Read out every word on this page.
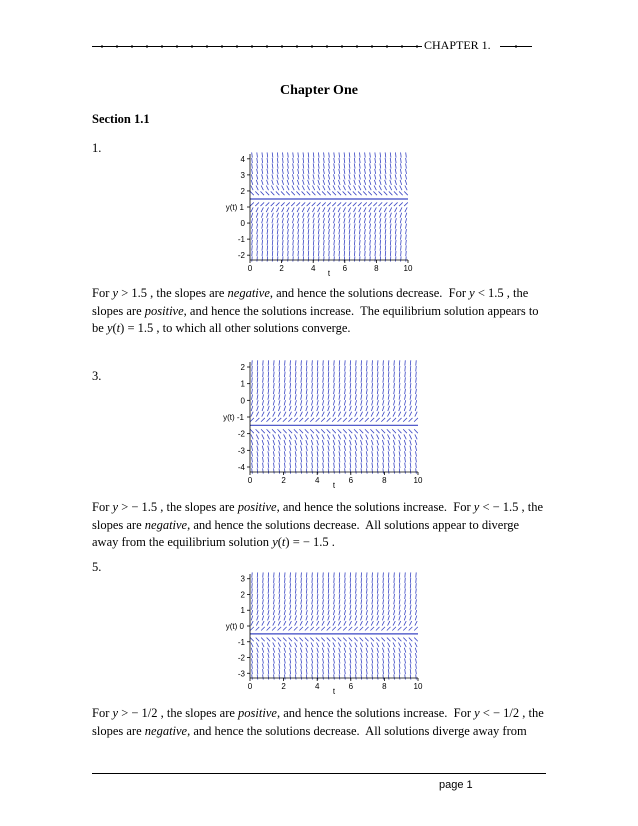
CHAPTER 1.
Chapter One
Section 1.1
1.
-2
-1
0
y(t) 1
2
3
4
0	2	4	6	8	10
t
For y > 1.5 , the slopes are negative, and hence the solutions decrease.  For y < 1.5 , the slopes are positive, and hence the solutions increase.  The equilibrium solution appears to be y(t) = 1.5 , to which all other solutions converge.
3.
-4
-3
-2
y(t) -1
0
1
2
0	2	4	6	8	10
t
For y > − 1.5 , the slopes are positive, and hence the solutions increase.  For y < − 1.5 , the slopes are negative, and hence the solutions decrease.  All solutions appear to diverge away from the equilibrium solution y(t) = − 1.5 .
5.
-3
-2
-1
y(t) 0
1
2
3
0	2	4	6	8	10
t
For y > − 1/2 , the slopes are positive, and hence the solutions increase.  For y < − 1/2 , the slopes are negative, and hence the solutions decrease.  All solutions diverge away from
page 1
